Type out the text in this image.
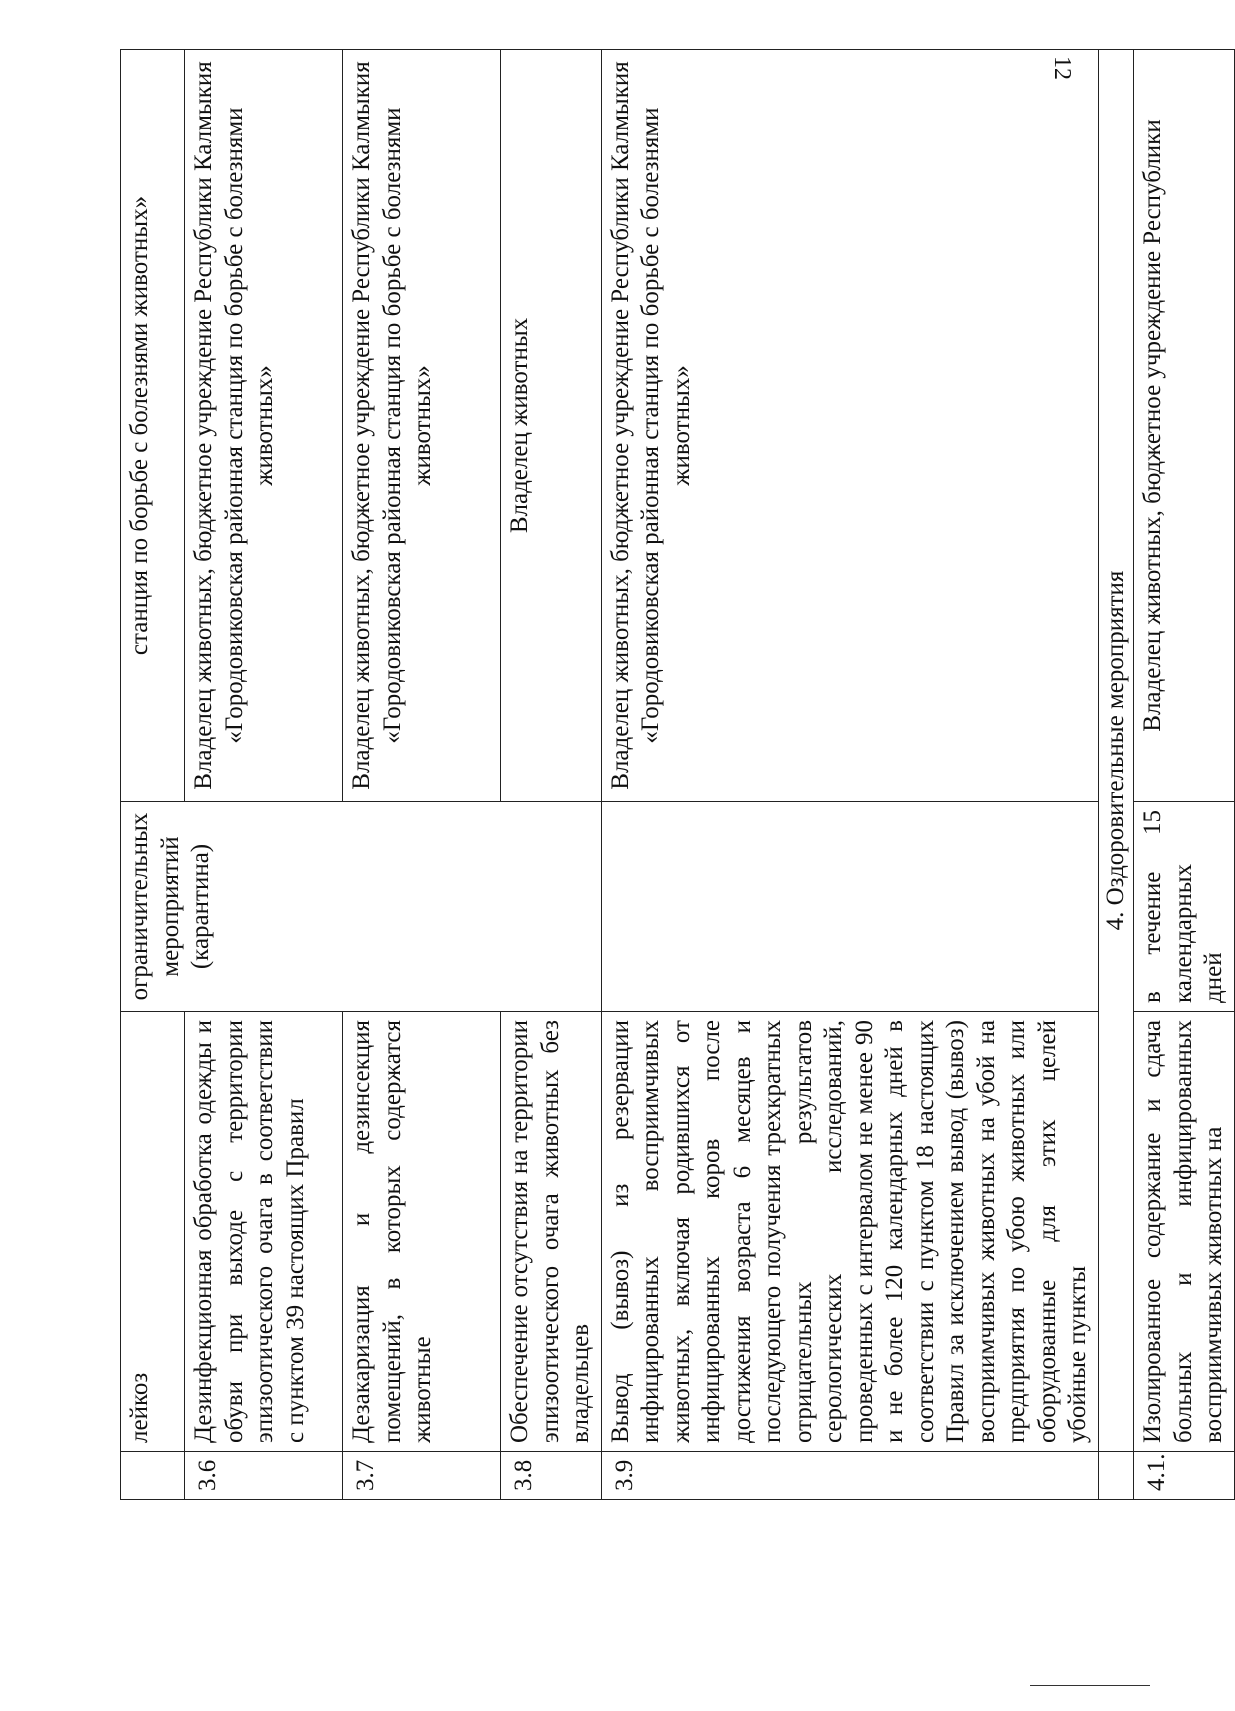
	лейкоз	ограничительных мероприятий (карантина)	станция по борьбе с болезнями животных»
3.6	Дезинфекционная обработка одежды и обуви при выходе с территории эпизоотического очага в соответствии с пунктом 39 настоящих Правил		Владелец животных, бюджетное учреждение Республики Калмыкия «Городовиковская районная станция по борьбе с болезнями животных»
3.7	Дезакаризация и дезинсекция помещений, в которых содержатся животные		Владелец животных, бюджетное учреждение Республики Калмыкия «Городовиковская районная станция по борьбе с болезнями животных»
3.8	Обеспечение отсутствия на территории эпизоотического очага животных без владельцев		Владелец животных
3.9	Вывод (вывоз) из резервации инфицированных восприимчивых животных, включая родившихся от инфицированных коров после достижения возраста 6 месяцев и последующего получения трехкратных отрицательных результатов серологических исследований, проведенных с интервалом не менее 90 и не более 120 календарных дней в соответствии с пунктом 18 настоящих Правил за исключением вывод (вывоз) восприимчивых животных на убой на предприятия по убою животных или оборудованные для этих целей убойные пункты		Владелец животных, бюджетное учреждение Республики Калмыкия «Городовиковская районная станция по борьбе с болезнями животных»
	4. Оздоровительные мероприятия		
4.1.	Изолированное содержание и сдача больных и инфицированных восприимчивых животных на	в течение 15 календарных дней	Владелец животных, бюджетное учреждение Республики
12
